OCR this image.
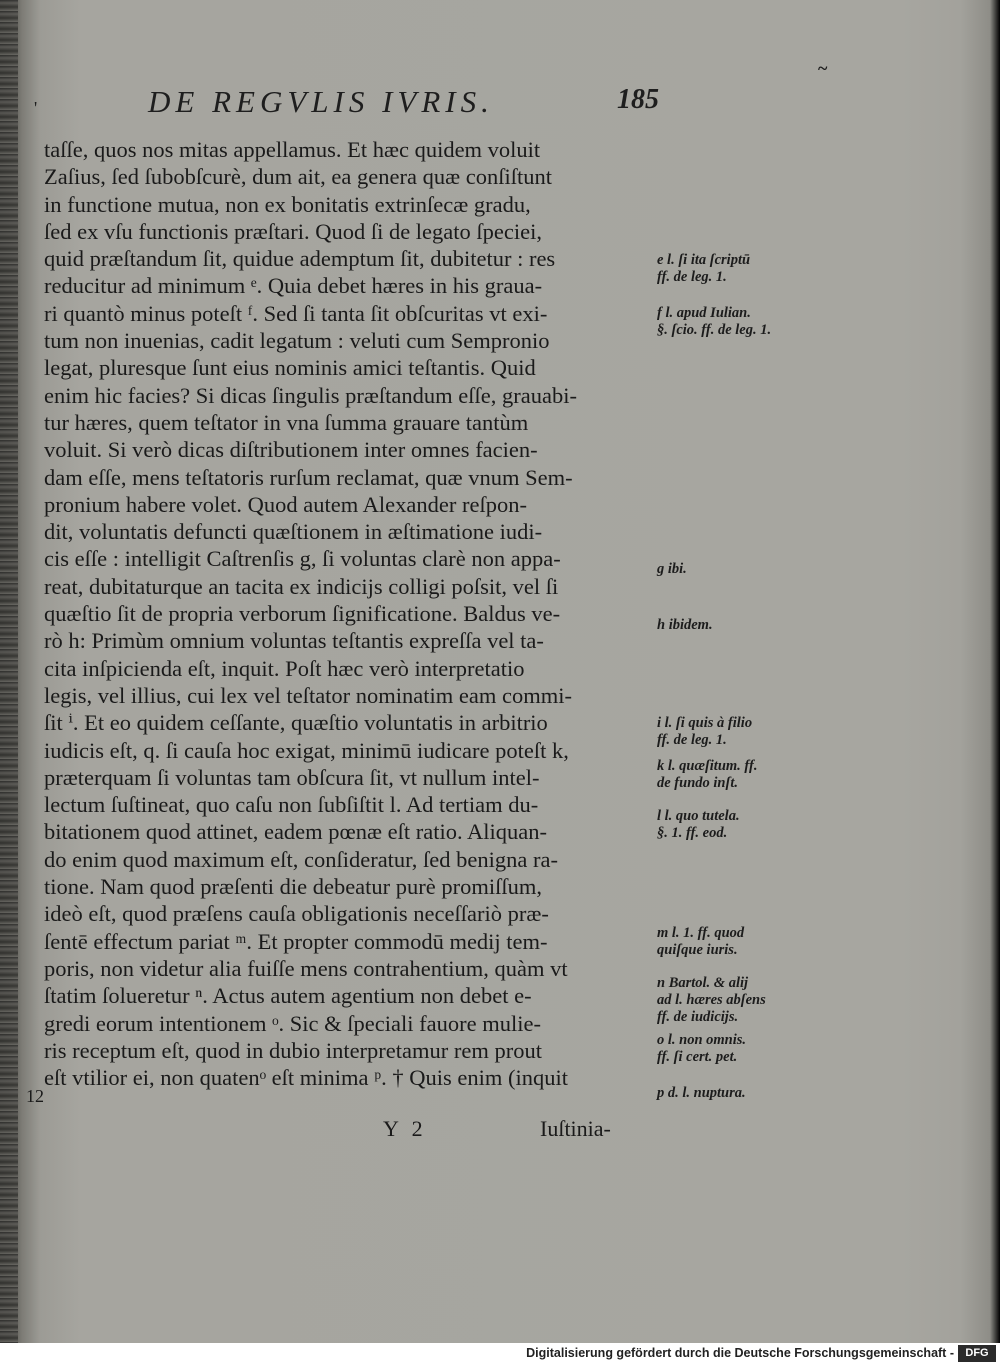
~
'	DE REGVLIS IVRIS.	185
taſſe, quos nos mitas appellamus. Et hæc quidem voluit
Zaſius, ſed ſubobſcurè, dum ait, ea genera quæ conſiſtunt
in functione mutua, non ex bonitatis extrinſecæ gradu,
ſed ex vſu functionis præſtari. Quod ſi de legato ſpeciei,
quid præſtandum ſit, quidue ademptum ſit, dubitetur : res
reducitur ad minimum ᵉ. Quia debet hæres in his graua-
ri quantò minus poteſt ᶠ. Sed ſi tanta ſit obſcuritas vt exi-
tum non inuenias, cadit legatum : veluti cum Sempronio
legat, pluresque ſunt eius nominis amici teſtantis. Quid
enim hic facies? Si dicas ſingulis præſtandum eſſe, grauabi-
tur hæres, quem teſtator in vna ſumma grauare tantùm
voluit. Si verò dicas diſtributionem inter omnes facien-
dam eſſe, mens teſtatoris rurſum reclamat, quæ vnum Sem-
pronium habere volet. Quod autem Alexander reſpon-
dit, voluntatis defuncti quæſtionem in æſtimatione iudi-
cis eſſe : intelligit Caſtrenſis g, ſi voluntas clarè non appa-
reat, dubitaturque an tacita ex indicijs colligi poſsit, vel ſi
quæſtio ſit de propria verborum ſignificatione. Baldus ve-
rò h: Primùm omnium voluntas teſtantis expreſſa vel ta-
cita inſpicienda eſt, inquit. Poſt hæc verò interpretatio
legis, vel illius, cui lex vel teſtator nominatim eam commi-
ſit ⁱ. Et eo quidem ceſſante, quæſtio voluntatis in arbitrio
iudicis eſt, q. ſi cauſa hoc exigat, minimū iudicare poteſt k,
præterquam ſi voluntas tam obſcura ſit, vt nullum intel-
lectum ſuſtineat, quo caſu non ſubſiſtit l. Ad tertiam du-
bitationem quod attinet, eadem pœnæ eſt ratio. Aliquan-
do enim quod maximum eſt, conſideratur, ſed benigna ra-
tione. Nam quod præſenti die debeatur purè promiſſum,
ideò eſt, quod præſens cauſa obligationis neceſſariò præ-
ſentē effectum pariat ᵐ. Et propter commodū medij tem-
poris, non videtur alia fuiſſe mens contrahentium, quàm vt
ſtatim ſolueretur ⁿ. Actus autem agentium non debet e-
gredi eorum intentionem ᵒ. Sic & ſpeciali fauore mulie-
ris receptum eſt, quod in dubio interpretamur rem prout
eſt vtilior ei, non quatenᵒ eſt minima ᵖ. † Quis enim (inquit
12
Y 2	Iuſtinia-
e l. ſi ita ſcriptū
ff. de leg. 1.
f l. apud Iulian.
§. ſcio. ff. de leg. 1.
g ibi.
h ibidem.
i l. ſi quis à filio
ff. de leg. 1.
k l. quæſitum. ff.
de fundo inſt.
l l. quo tutela.
§. 1. ff. eod.
m l. 1. ff. quod
quiſque iuris.
n Bartol. & alij
ad l. hæres abſens
ff. de iudicijs.
o l. non omnis.
ff. ſi cert. pet.
p d. l. nuptura.
Digitalisierung gefördert durch die Deutsche Forschungsgemeinschaft -	DFG
